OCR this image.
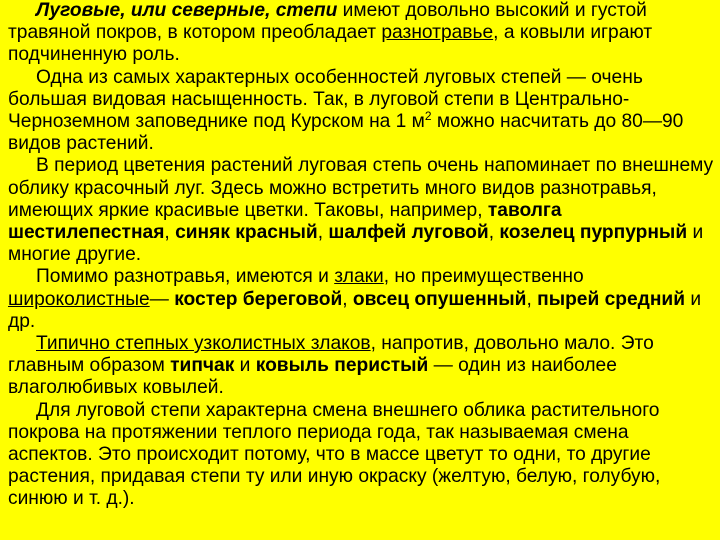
Луговые, или северные, степи имеют довольно высокий и густой травяной покров, в котором преобладает разнотравье, а ковыли играют подчиненную роль.

Одна из самых характерных особенностей луговых степей — очень большая видовая насыщенность. Так, в луговой степи в Центрально-Черноземном заповеднике под Курском на 1 $м^2$ можно насчитать до 80—90 видов растений.

В период цветения растений луговая степь очень напоминает по внешнему облику красочный луг. Здесь можно встретить много видов разнотравья, имеющих яркие красивые цветки. Таковы, например, таволга шестилепестная, синяк красный, шалфей луговой, козелец пурпурный и многие другие.

Помимо разнотравья, имеются и злаки, но преимущественно широколистные— костер береговой, овсец опушенный, пырей средний и др.

Типично степных узколистных злаков, напротив, довольно мало. Это главным образом типчак и ковыль перистый — один из наиболее влаголюбивых ковылей.

Для луговой степи характерна смена внешнего облика растительного покрова на протяжении теплого периода года, так называемая смена аспектов. Это происходит потому, что в массе цветут то одни, то другие растения, придавая степи ту или иную окраску (желтую, белую, голубую, синюю и т. д.).
